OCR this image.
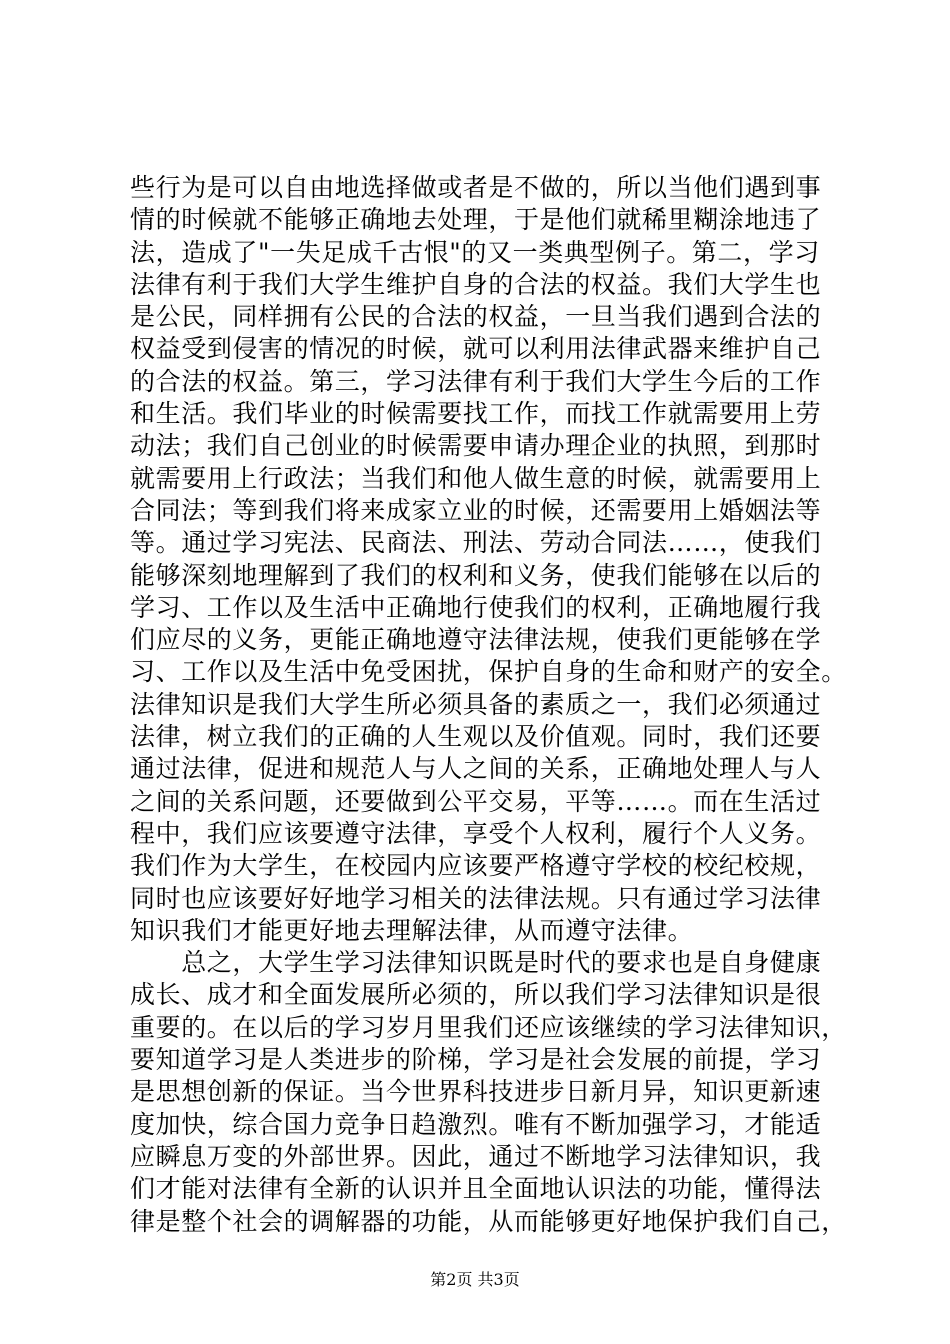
些行为是可以自由地选择做或者是不做的，所以当他们遇到事
情的时候就不能够正确地去处理，于是他们就稀里糊涂地违了
法，造成了"一失足成千古恨"的又一类典型例子。第二，学习
法律有利于我们大学生维护自身的合法的权益。我们大学生也
是公民，同样拥有公民的合法的权益，一旦当我们遇到合法的
权益受到侵害的情况的时候，就可以利用法律武器来维护自己
的合法的权益。第三，学习法律有利于我们大学生今后的工作
和生活。我们毕业的时候需要找工作，而找工作就需要用上劳
动法；我们自己创业的时候需要申请办理企业的执照，到那时
就需要用上行政法；当我们和他人做生意的时候，就需要用上
合同法；等到我们将来成家立业的时候，还需要用上婚姻法等
等。通过学习宪法、民商法、刑法、劳动合同法……，使我们
能够深刻地理解到了我们的权利和义务，使我们能够在以后的
学习、工作以及生活中正确地行使我们的权利，正确地履行我
们应尽的义务，更能正确地遵守法律法规，使我们更能够在学
习、工作以及生活中免受困扰，保护自身的生命和财产的安全。
法律知识是我们大学生所必须具备的素质之一，我们必须通过
法律，树立我们的正确的人生观以及价值观。同时，我们还要
通过法律，促进和规范人与人之间的关系，正确地处理人与人
之间的关系问题，还要做到公平交易，平等……。而在生活过
程中，我们应该要遵守法律，享受个人权利，履行个人义务。
我们作为大学生，在校园内应该要严格遵守学校的校纪校规，
同时也应该要好好地学习相关的法律法规。只有通过学习法律
知识我们才能更好地去理解法律，从而遵守法律。
　　总之，大学生学习法律知识既是时代的要求也是自身健康
成长、成才和全面发展所必须的，所以我们学习法律知识是很
重要的。在以后的学习岁月里我们还应该继续的学习法律知识，
要知道学习是人类进步的阶梯，学习是社会发展的前提，学习
是思想创新的保证。当今世界科技进步日新月异，知识更新速
度加快，综合国力竞争日趋激烈。唯有不断加强学习，才能适
应瞬息万变的外部世界。因此，通过不断地学习法律知识，我
们才能对法律有全新的认识并且全面地认识法的功能，懂得法
律是整个社会的调解器的功能，从而能够更好地保护我们自己，
第2页 共3页
